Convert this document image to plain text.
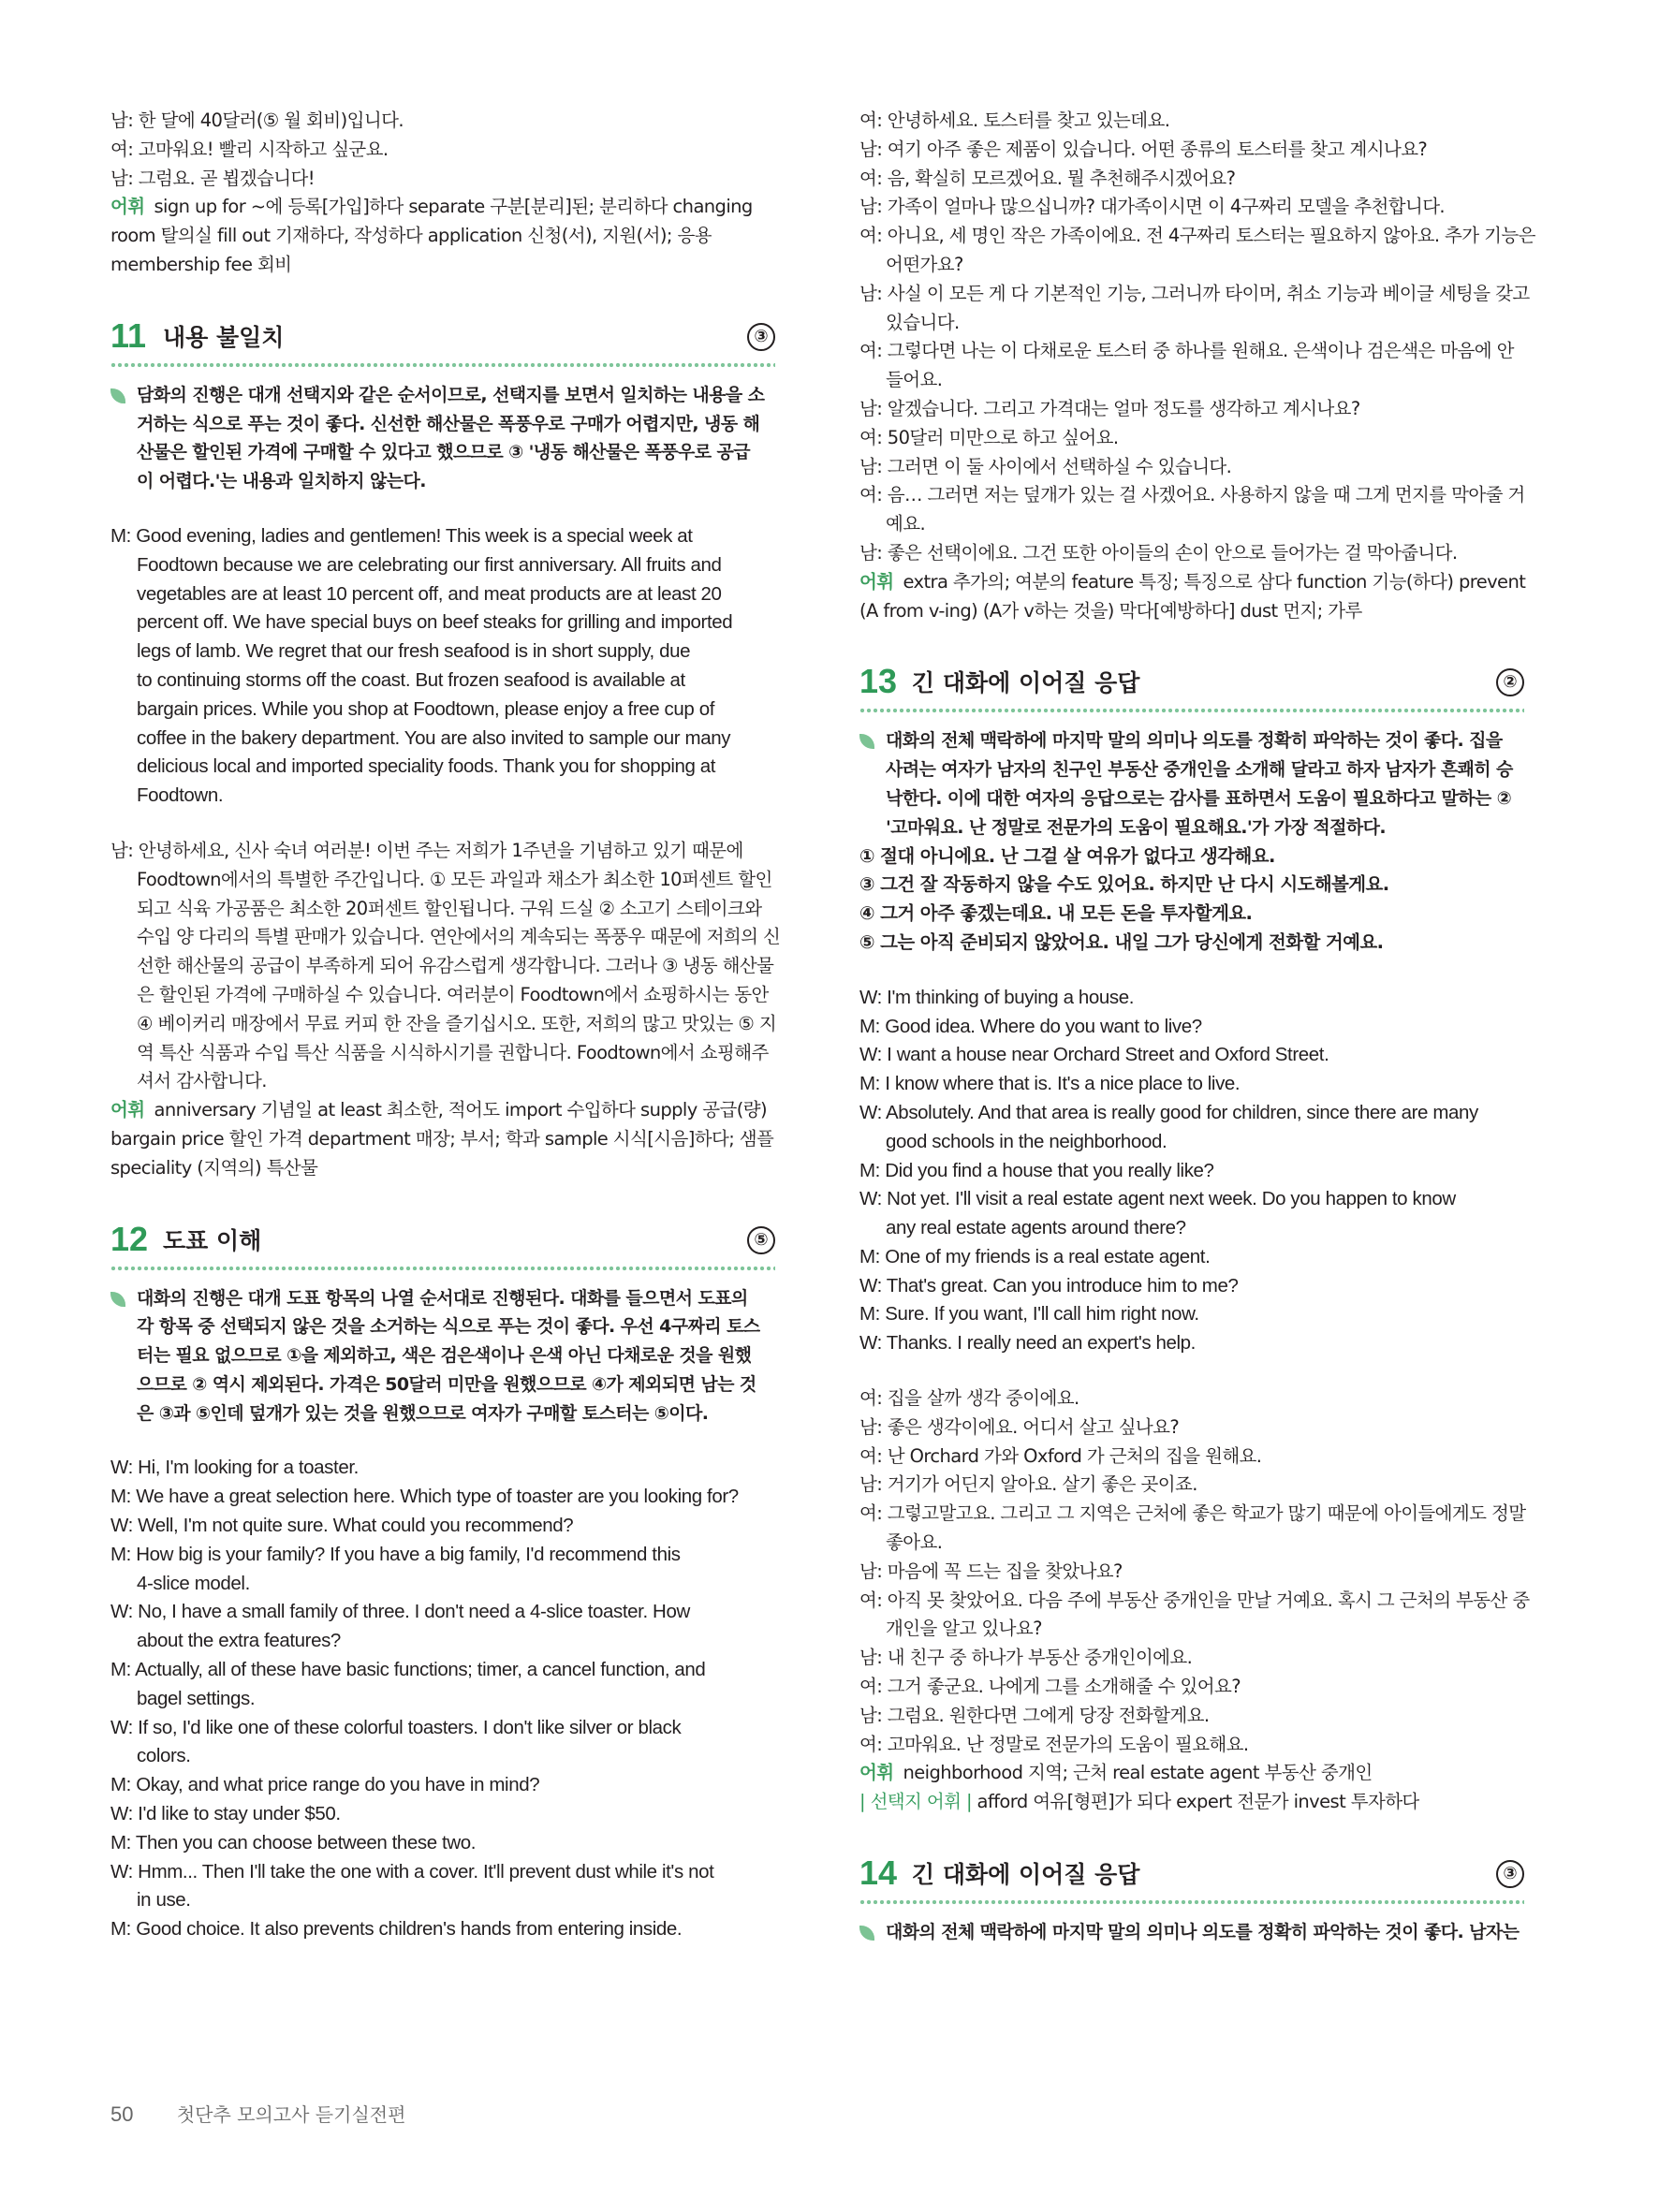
남: 한 달에 40달러(⑤ 월 회비)입니다.
여: 고마워요! 빨리 시작하고 싶군요.
남: 그럼요. 곧 뵙겠습니다!
어휘 sign up for ~에 등록[가입]하다 separate 구분[분리]된; 분리하다 changing
room 탈의실 fill out 기재하다, 작성하다 application 신청(서), 지원(서); 응용
membership fee 회비
11 내용 불일치	③
담화의 진행은 대개 선택지와 같은 순서이므로, 선택지를 보면서 일치하는 내용을 소
거하는 식으로 푸는 것이 좋다. 신선한 해산물은 폭풍우로 구매가 어렵지만, 냉동 해
산물은 할인된 가격에 구매할 수 있다고 했으므로 ③ '냉동 해산물은 폭풍우로 공급
이 어렵다.'는 내용과 일치하지 않는다.
M: Good evening, ladies and gentlemen! This week is a special week at
Foodtown because we are celebrating our first anniversary. All fruits and
vegetables are at least 10 percent off, and meat products are at least 20
percent off. We have special buys on beef steaks for grilling and imported
legs of lamb. We regret that our fresh seafood is in short supply, due
to continuing storms off the coast. But frozen seafood is available at
bargain prices. While you shop at Foodtown, please enjoy a free cup of
coffee in the bakery department. You are also invited to sample our many
delicious local and imported speciality foods. Thank you for shopping at
Foodtown.
남: 안녕하세요, 신사 숙녀 여러분! 이번 주는 저희가 1주년을 기념하고 있기 때문에
Foodtown에서의 특별한 주간입니다. ① 모든 과일과 채소가 최소한 10퍼센트 할인
되고 식육 가공품은 최소한 20퍼센트 할인됩니다. 구워 드실 ② 소고기 스테이크와
수입 양 다리의 특별 판매가 있습니다. 연안에서의 계속되는 폭풍우 때문에 저희의 신
선한 해산물의 공급이 부족하게 되어 유감스럽게 생각합니다. 그러나 ③ 냉동 해산물
은 할인된 가격에 구매하실 수 있습니다. 여러분이 Foodtown에서 쇼핑하시는 동안
④ 베이커리 매장에서 무료 커피 한 잔을 즐기십시오. 또한, 저희의 많고 맛있는 ⑤ 지
역 특산 식품과 수입 특산 식품을 시식하시기를 권합니다. Foodtown에서 쇼핑해주
셔서 감사합니다.
어휘 anniversary 기념일 at least 최소한, 적어도 import 수입하다 supply 공급(량)
bargain price 할인 가격 department 매장; 부서; 학과 sample 시식[시음]하다; 샘플
speciality (지역의) 특산물
12 도표 이해	⑤
대화의 진행은 대개 도표 항목의 나열 순서대로 진행된다. 대화를 들으면서 도표의
각 항목 중 선택되지 않은 것을 소거하는 식으로 푸는 것이 좋다. 우선 4구짜리 토스
터는 필요 없으므로 ①을 제외하고, 색은 검은색이나 은색 아닌 다채로운 것을 원했
으므로 ② 역시 제외된다. 가격은 50달러 미만을 원했으므로 ④가 제외되면 남는 것
은 ③과 ⑤인데 덮개가 있는 것을 원했으므로 여자가 구매할 토스터는 ⑤이다.
W: Hi, I'm looking for a toaster.
M: We have a great selection here. Which type of toaster are you looking for?
W: Well, I'm not quite sure. What could you recommend?
M: How big is your family? If you have a big family, I'd recommend this
4-slice model.
W: No, I have a small family of three. I don't need a 4-slice toaster. How
about the extra features?
M: Actually, all of these have basic functions; timer, a cancel function, and
bagel settings.
W: If so, I'd like one of these colorful toasters. I don't like silver or black
colors.
M: Okay, and what price range do you have in mind?
W: I'd like to stay under $50.
M: Then you can choose between these two.
W: Hmm... Then I'll take the one with a cover. It'll prevent dust while it's not
in use.
M: Good choice. It also prevents children's hands from entering inside.
여: 안녕하세요. 토스터를 찾고 있는데요.
남: 여기 아주 좋은 제품이 있습니다. 어떤 종류의 토스터를 찾고 계시나요?
여: 음, 확실히 모르겠어요. 뭘 추천해주시겠어요?
남: 가족이 얼마나 많으십니까? 대가족이시면 이 4구짜리 모델을 추천합니다.
여: 아니요, 세 명인 작은 가족이에요. 전 4구짜리 토스터는 필요하지 않아요. 추가 기능은
어떤가요?
남: 사실 이 모든 게 다 기본적인 기능, 그러니까 타이머, 취소 기능과 베이글 세팅을 갖고
있습니다.
여: 그렇다면 나는 이 다채로운 토스터 중 하나를 원해요. 은색이나 검은색은 마음에 안
들어요.
남: 알겠습니다. 그리고 가격대는 얼마 정도를 생각하고 계시나요?
여: 50달러 미만으로 하고 싶어요.
남: 그러면 이 둘 사이에서 선택하실 수 있습니다.
여: 음… 그러면 저는 덮개가 있는 걸 사겠어요. 사용하지 않을 때 그게 먼지를 막아줄 거
예요.
남: 좋은 선택이에요. 그건 또한 아이들의 손이 안으로 들어가는 걸 막아줍니다.
어휘 extra 추가의; 여분의 feature 특징; 특징으로 삼다 function 기능(하다) prevent
(A from v-ing) (A가 v하는 것을) 막다[예방하다] dust 먼지; 가루
13 긴 대화에 이어질 응답	②
대화의 전체 맥락하에 마지막 말의 의미나 의도를 정확히 파악하는 것이 좋다. 집을
사려는 여자가 남자의 친구인 부동산 중개인을 소개해 달라고 하자 남자가 흔쾌히 승
낙한다. 이에 대한 여자의 응답으로는 감사를 표하면서 도움이 필요하다고 말하는 ②
'고마워요. 난 정말로 전문가의 도움이 필요해요.'가 가장 적절하다.
① 절대 아니에요. 난 그걸 살 여유가 없다고 생각해요.
③ 그건 잘 작동하지 않을 수도 있어요. 하지만 난 다시 시도해볼게요.
④ 그거 아주 좋겠는데요. 내 모든 돈을 투자할게요.
⑤ 그는 아직 준비되지 않았어요. 내일 그가 당신에게 전화할 거예요.
W: I'm thinking of buying a house.
M: Good idea. Where do you want to live?
W: I want a house near Orchard Street and Oxford Street.
M: I know where that is. It's a nice place to live.
W: Absolutely. And that area is really good for children, since there are many
good schools in the neighborhood.
M: Did you find a house that you really like?
W: Not yet. I'll visit a real estate agent next week. Do you happen to know
any real estate agents around there?
M: One of my friends is a real estate agent.
W: That's great. Can you introduce him to me?
M: Sure. If you want, I'll call him right now.
W: Thanks. I really need an expert's help.
여: 집을 살까 생각 중이에요.
남: 좋은 생각이에요. 어디서 살고 싶나요?
여: 난 Orchard 가와 Oxford 가 근처의 집을 원해요.
남: 거기가 어딘지 알아요. 살기 좋은 곳이죠.
여: 그렇고말고요. 그리고 그 지역은 근처에 좋은 학교가 많기 때문에 아이들에게도 정말
좋아요.
남: 마음에 꼭 드는 집을 찾았나요?
여: 아직 못 찾았어요. 다음 주에 부동산 중개인을 만날 거예요. 혹시 그 근처의 부동산 중
개인을 알고 있나요?
남: 내 친구 중 하나가 부동산 중개인이에요.
여: 그거 좋군요. 나에게 그를 소개해줄 수 있어요?
남: 그럼요. 원한다면 그에게 당장 전화할게요.
여: 고마워요. 난 정말로 전문가의 도움이 필요해요.
어휘 neighborhood 지역; 근처 real estate agent 부동산 중개인
| 선택지 어휘 | afford 여유[형편]가 되다 expert 전문가 invest 투자하다
14 긴 대화에 이어질 응답	③
대화의 전체 맥락하에 마지막 말의 의미나 의도를 정확히 파악하는 것이 좋다. 남자는
50 첫단추 모의고사 듣기실전편
